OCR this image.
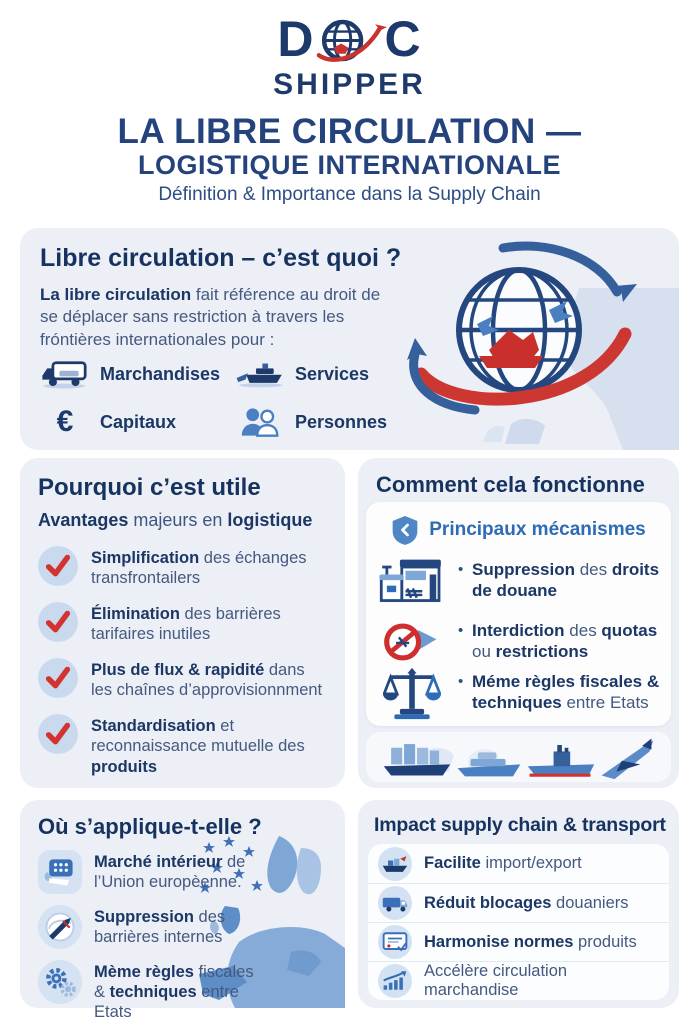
D C
SHIPPER
LA LIBRE CIRCULATION —
LOGISTIQUE INTERNATIONALE
Définition & Importance dans la Supply Chain
Libre circulation – c’est quoi ?

La libre circulation fait référence au droit de se déplacer sans restriction à travers les fróntières internationales pour :

Marchandises	Services
€	Capitaux	Personnes
Pourquoi c’est utile

Avantages majeurs en logistique

Simplification des échanges transfrontailers
Élimination des barrières tarifaires inutiles
Plus de flux & rapidité dans les chaînes d’approvisionnment
Standardisation et reconnaissance mutuelle des produits
Comment cela fonctionne
Principaux mécanismes
• Suppression des droits de douane
• Interdiction des quotas ou restrictions
• Méme règles fiscales & techniques entre Etats
Où s’applique-t-elle ?
Marché intérieur de l’Union europèenne.
Suppression des barrières internes
Mème règles fiscales & techniques entre Etats
Impact supply chain & transport
Facilite import/export
Réduit blocages douaniers
Harmonise normes produits
Accélère circulation marchandise
